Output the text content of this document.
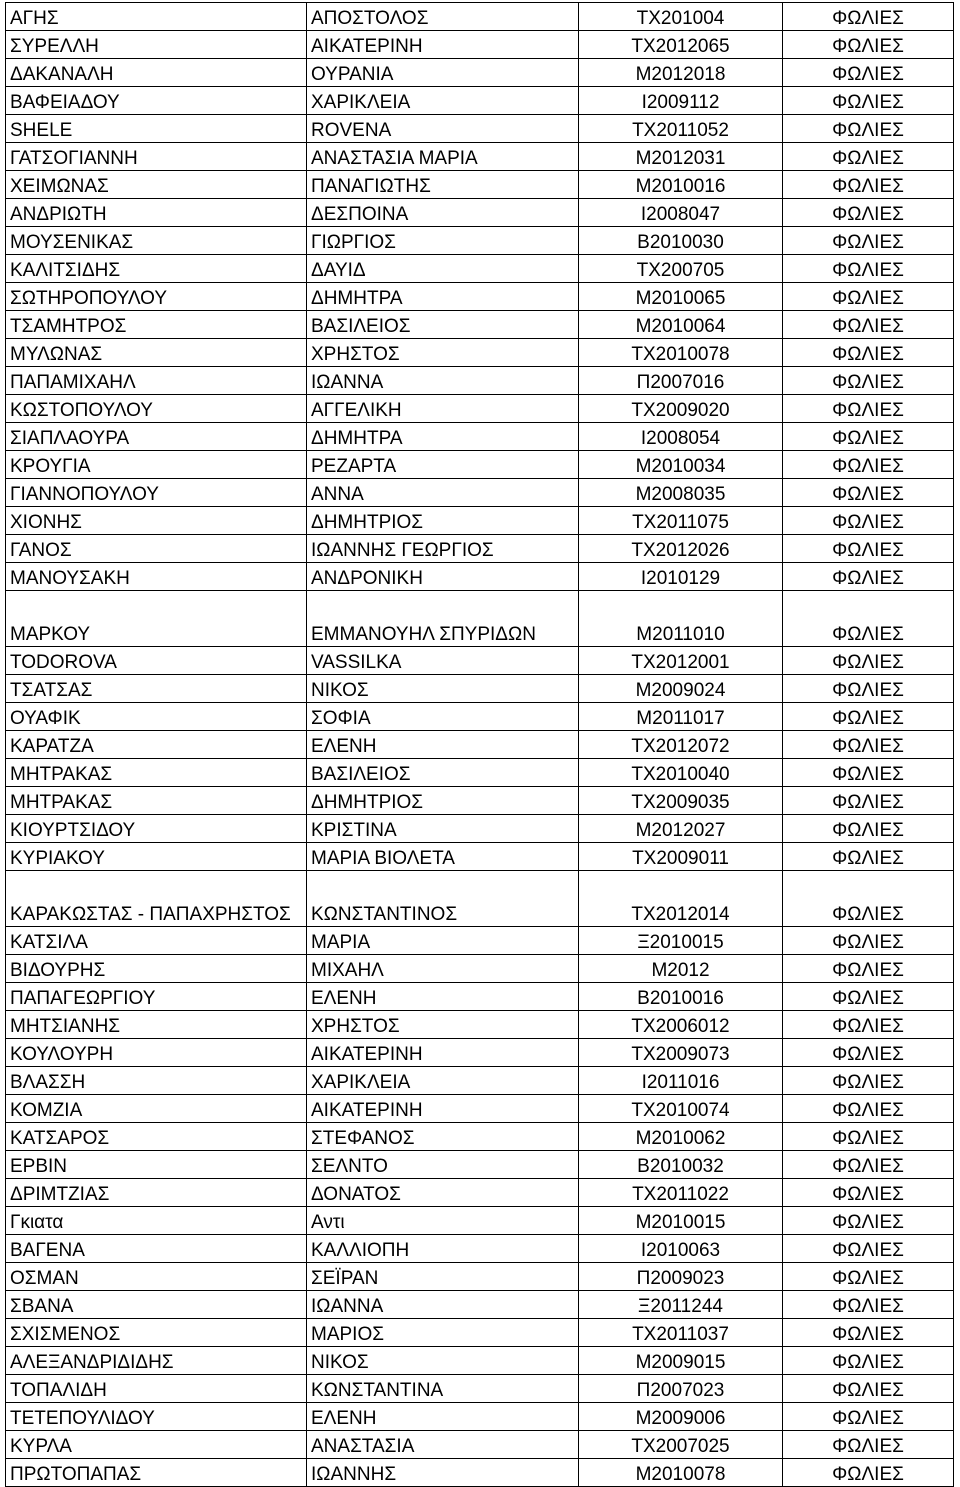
ΑΓΗΣ	ΑΠΟΣΤΟΛΟΣ	ΤΧ201004	ΦΩΛΙΕΣ
ΣΥΡΕΛΛΗ	ΑΙΚΑΤΕΡΙΝΗ	ΤΧ2012065	ΦΩΛΙΕΣ
ΔΑΚΑΝΑΛΗ	ΟΥΡΑΝΙΑ	Μ2012018	ΦΩΛΙΕΣ
ΒΑΦΕΙΑΔΟΥ	ΧΑΡΙΚΛΕΙΑ	Ι2009112	ΦΩΛΙΕΣ
SHELE	ROVENA	ΤΧ2011052	ΦΩΛΙΕΣ
ΓΑΤΣΟΓΙΑΝΝΗ	ΑΝΑΣΤΑΣΙΑ ΜΑΡΙΑ	Μ2012031	ΦΩΛΙΕΣ
ΧΕΙΜΩΝΑΣ	ΠΑΝΑΓΙΩΤΗΣ	Μ2010016	ΦΩΛΙΕΣ
ΑΝΔΡΙΩΤΗ	ΔΕΣΠΟΙΝΑ	Ι2008047	ΦΩΛΙΕΣ
ΜΟΥΣΕΝΙΚΑΣ	ΓΙΩΡΓΙΟΣ	Β2010030	ΦΩΛΙΕΣ
ΚΑΛΙΤΣΙΔΗΣ	ΔΑΥΙΔ	ΤΧ200705	ΦΩΛΙΕΣ
ΣΩΤΗΡΟΠΟΥΛΟΥ	ΔΗΜΗΤΡΑ	Μ2010065	ΦΩΛΙΕΣ
ΤΣΑΜΗΤΡΟΣ	ΒΑΣΙΛΕΙΟΣ	Μ2010064	ΦΩΛΙΕΣ
ΜΥΛΩΝΑΣ	ΧΡΗΣΤΟΣ	ΤΧ2010078	ΦΩΛΙΕΣ
ΠΑΠΑΜΙΧΑΗΛ	ΙΩΑΝΝΑ	Π2007016	ΦΩΛΙΕΣ
ΚΩΣΤΟΠΟΥΛΟΥ	ΑΓΓΕΛΙΚΗ	ΤΧ2009020	ΦΩΛΙΕΣ
ΣΙΑΠΛΑΟΥΡΑ	ΔΗΜΗΤΡΑ	Ι2008054	ΦΩΛΙΕΣ
ΚΡΟΥΓΙΑ	ΡΕΖΑΡΤΑ	Μ2010034	ΦΩΛΙΕΣ
ΓΙΑΝΝΟΠΟΥΛΟΥ	ΑΝΝΑ	Μ2008035	ΦΩΛΙΕΣ
ΧΙΟΝΗΣ	ΔΗΜΗΤΡΙΟΣ	ΤΧ2011075	ΦΩΛΙΕΣ
ΓΑΝΟΣ	ΙΩΑΝΝΗΣ ΓΕΩΡΓΙΟΣ	ΤΧ2012026	ΦΩΛΙΕΣ
ΜΑΝΟΥΣΑΚΗ	ΑΝΔΡΟΝΙΚΗ	Ι2010129	ΦΩΛΙΕΣ
ΜΑΡΚΟΥ	ΕΜΜΑΝΟΥΗΛ ΣΠΥΡΙΔΩΝ	Μ2011010	ΦΩΛΙΕΣ
TODOROVA	VASSILKA	ΤΧ2012001	ΦΩΛΙΕΣ
ΤΣΑΤΣΑΣ	ΝΙΚΟΣ	Μ2009024	ΦΩΛΙΕΣ
ΟΥΑΦΙΚ	ΣΟΦΙΑ	Μ2011017	ΦΩΛΙΕΣ
ΚΑΡΑΤΖΑ	ΕΛΕΝΗ	ΤΧ2012072	ΦΩΛΙΕΣ
ΜΗΤΡΑΚΑΣ	ΒΑΣΙΛΕΙΟΣ	ΤΧ2010040	ΦΩΛΙΕΣ
ΜΗΤΡΑΚΑΣ	ΔΗΜΗΤΡΙΟΣ	ΤΧ2009035	ΦΩΛΙΕΣ
ΚΙΟΥΡΤΣΙΔΟΥ	ΚΡΙΣΤΙΝΑ	Μ2012027	ΦΩΛΙΕΣ
ΚΥΡΙΑΚΟΥ	ΜΑΡΙΑ ΒΙΟΛΕΤΑ	ΤΧ2009011	ΦΩΛΙΕΣ
ΚΑΡΑΚΩΣΤΑΣ - ΠΑΠΑΧΡΗΣΤΟΣ	ΚΩΝΣΤΑΝΤΙΝΟΣ	ΤΧ2012014	ΦΩΛΙΕΣ
ΚΑΤΣΙΛΑ	ΜΑΡΙΑ	Ξ2010015	ΦΩΛΙΕΣ
ΒΙΔΟΥΡΗΣ	ΜΙΧΑΗΛ	Μ2012	ΦΩΛΙΕΣ
ΠΑΠΑΓΕΩΡΓΙΟΥ	ΕΛΕΝΗ	Β2010016	ΦΩΛΙΕΣ
ΜΗΤΣΙΑΝΗΣ	ΧΡΗΣΤΟΣ	ΤΧ2006012	ΦΩΛΙΕΣ
ΚΟΥΛΟΥΡΗ	ΑΙΚΑΤΕΡΙΝΗ	ΤΧ2009073	ΦΩΛΙΕΣ
ΒΛΑΣΣΗ	ΧΑΡΙΚΛΕΙΑ	Ι2011016	ΦΩΛΙΕΣ
ΚΟΜΖΙΑ	ΑΙΚΑΤΕΡΙΝΗ	ΤΧ2010074	ΦΩΛΙΕΣ
ΚΑΤΣΑΡΟΣ	ΣΤΕΦΑΝΟΣ	Μ2010062	ΦΩΛΙΕΣ
ΕΡΒΙΝ	ΣΕΛΝΤΟ	Β2010032	ΦΩΛΙΕΣ
ΔΡΙΜΤΖΙΑΣ	ΔΟΝΑΤΟΣ	ΤΧ2011022	ΦΩΛΙΕΣ
Γκιατα	Αντι	Μ2010015	ΦΩΛΙΕΣ
ΒΑΓΕΝΑ	ΚΑΛΛΙΟΠΗ	Ι2010063	ΦΩΛΙΕΣ
ΟΣΜΑΝ	ΣΕΪΡΑΝ	Π2009023	ΦΩΛΙΕΣ
ΣΒΑΝΑ	ΙΩΑΝΝΑ	Ξ2011244	ΦΩΛΙΕΣ
ΣΧΙΣΜΕΝΟΣ	ΜΑΡΙΟΣ	ΤΧ2011037	ΦΩΛΙΕΣ
ΑΛΕΞΑΝΔΡΙΔΙΔΗΣ	ΝΙΚΟΣ	Μ2009015	ΦΩΛΙΕΣ
ΤΟΠΑΛΙΔΗ	ΚΩΝΣΤΑΝΤΙΝΑ	Π2007023	ΦΩΛΙΕΣ
ΤΕΤΕΠΟΥΛΙΔΟΥ	ΕΛΕΝΗ	Μ2009006	ΦΩΛΙΕΣ
ΚΥΡΛΑ	ΑΝΑΣΤΑΣΙΑ	ΤΧ2007025	ΦΩΛΙΕΣ
ΠΡΩΤΟΠΑΠΑΣ	ΙΩΑΝΝΗΣ	Μ2010078	ΦΩΛΙΕΣ
